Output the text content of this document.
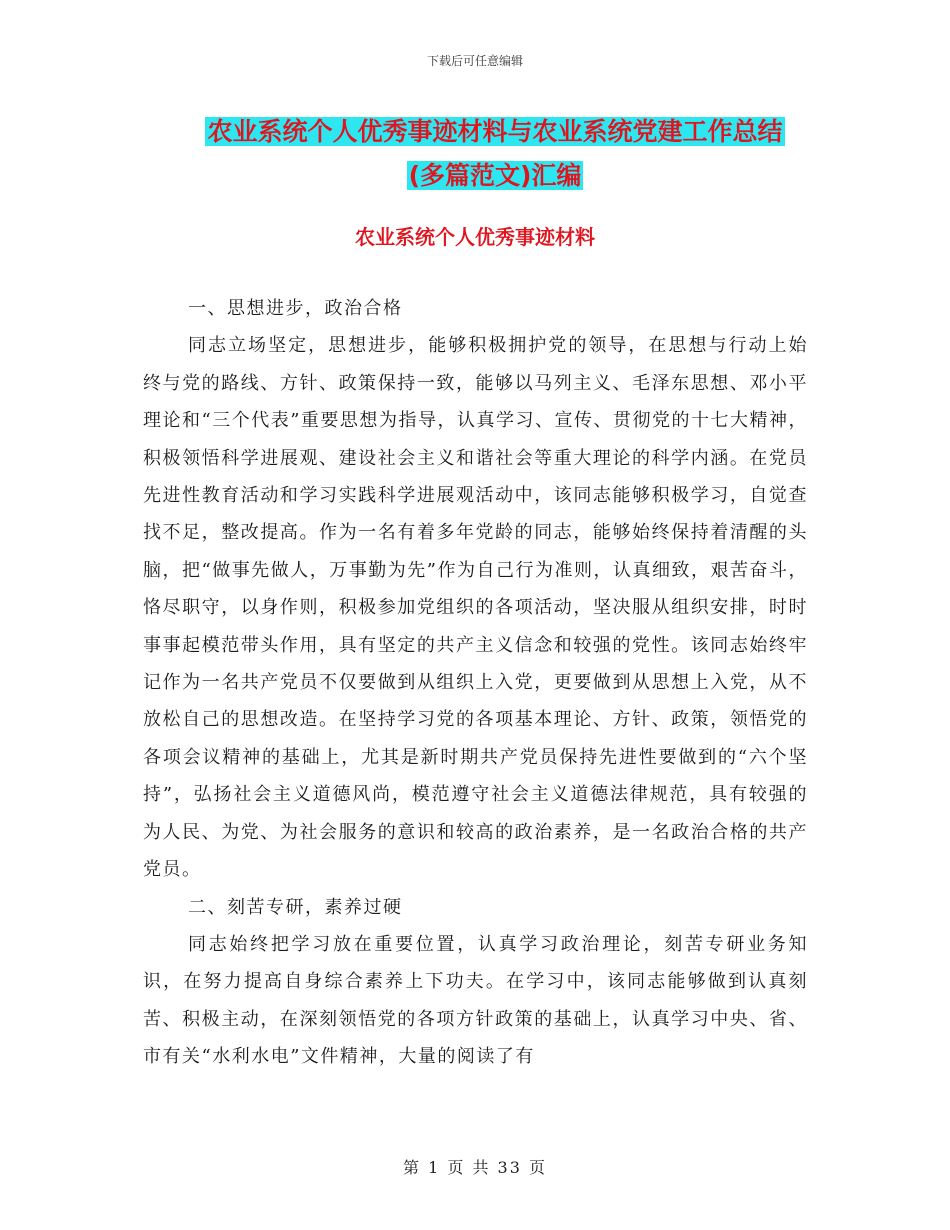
下载后可任意编辑
农业系统个人优秀事迹材料与农业系统党建工作总结
(多篇范文)汇编
农业系统个人优秀事迹材料

一、思想进步，政治合格

同志立场坚定，思想进步，能够积极拥护党的领导，在思想与行动上始终与党的路线、方针、政策保持一致，能够以马列主义、毛泽东思想、邓小平理论和“三个代表”重要思想为指导，认真学习、宣传、贯彻党的十七大精神，积极领悟科学进展观、建设社会主义和谐社会等重大理论的科学内涵。在党员先进性教育活动和学习实践科学进展观活动中，该同志能够积极学习，自觉查找不足，整改提高。作为一名有着多年党龄的同志，能够始终保持着清醒的头脑，把“做事先做人，万事勤为先”作为自己行为准则，认真细致，艰苦奋斗，恪尽职守，以身作则，积极参加党组织的各项活动，坚决服从组织安排，时时事事起模范带头作用，具有坚定的共产主义信念和较强的党性。该同志始终牢记作为一名共产党员不仅要做到从组织上入党，更要做到从思想上入党，从不放松自己的思想改造。在坚持学习党的各项基本理论、方针、政策，领悟党的各项会议精神的基础上，尤其是新时期共产党员保持先进性要做到的“六个坚持”，弘扬社会主义道德风尚，模范遵守社会主义道德法律规范，具有较强的为人民、为党、为社会服务的意识和较高的政治素养，是一名政治合格的共产党员。

二、刻苦专研，素养过硬

同志始终把学习放在重要位置，认真学习政治理论，刻苦专研业务知识，在努力提高自身综合素养上下功夫。在学习中，该同志能够做到认真刻苦、积极主动，在深刻领悟党的各项方针政策的基础上，认真学习中央、省、市有关“水利水电”文件精神，大量的阅读了有

第 1 页 共 33 页
